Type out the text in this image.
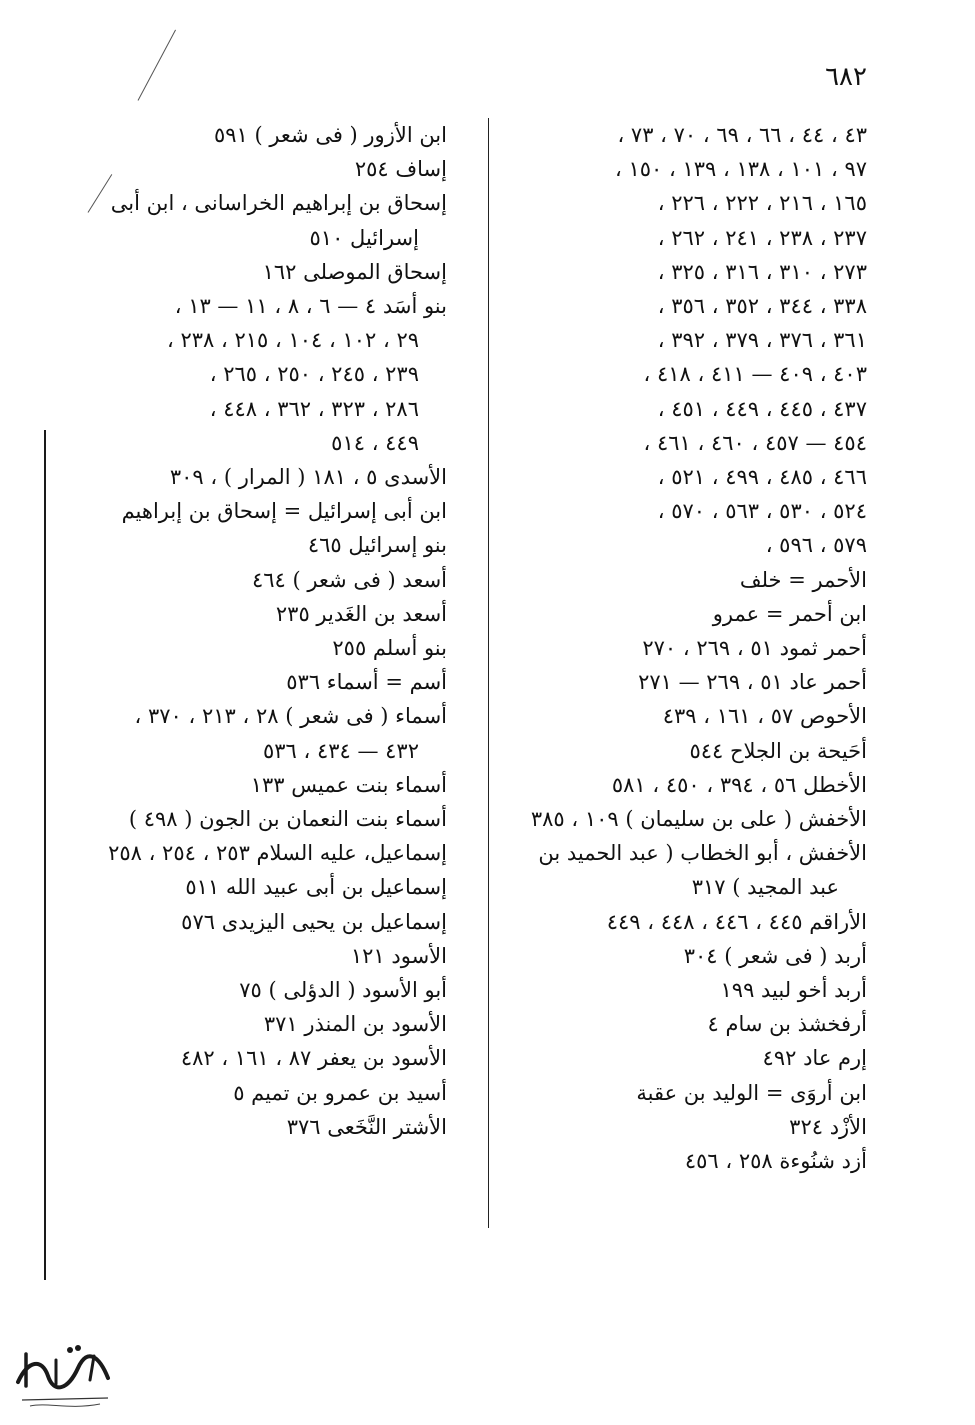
٦٨٢
٤٣ ، ٤٤ ، ٦٦ ، ٦٩ ، ٧٠ ، ٧٣ ،
٩٧ ، ١٠١ ، ١٣٨ ، ١٣٩ ، ١٥٠ ،
١٦٥ ، ٢١٦ ، ٢٢٢ ، ٢٢٦ ،
٢٣٧ ، ٢٣٨ ، ٢٤١ ، ٢٦٢ ،
٢٧٣ ، ٣١٠ ، ٣١٦ ، ٣٢٥ ،
٣٣٨ ، ٣٤٤ ، ٣٥٢ ، ٣٥٦ ،
٣٦١ ، ٣٧٦ ، ٣٧٩ ، ٣٩٢ ،
٤٠٣ ، ٤٠٩ — ٤١١ ، ٤١٨ ،
٤٣٧ ، ٤٤٥ ، ٤٤٩ ، ٤٥١ ،
٤٥٤ — ٤٥٧ ، ٤٦٠ ، ٤٦١ ،
٤٦٦ ، ٤٨٥ ، ٤٩٩ ، ٥٢١ ،
٥٢٤ ، ٥٣٠ ، ٥٦٣ ، ٥٧٠ ،
٥٧٩ ، ٥٩٦ ،
الأحمر = خلف
ابن أحمر = عمرو
أحمر ثمود ٥١ ، ٢٦٩ ، ٢٧٠
أحمر عاد ٥١ ، ٢٦٩ — ٢٧١
الأحوص ٥٧ ، ١٦١ ، ٤٣٩
أحَيحة بن الجلاح ٥٤٤
الأخطل ٥٦ ، ٣٩٤ ، ٤٥٠ ، ٥٨١
الأخفش ( على بن سليمان ) ١٠٩ ، ٣٨٥
الأخفش ، أبو الخطاب ( عبد الحميد بن
عبد المجيد ) ٣١٧
الأراقم ٤٤٥ ، ٤٤٦ ، ٤٤٨ ، ٤٤٩
أربد ( فى شعر ) ٣٠٤
أربد أخو لبيد ١٩٩
أرفخشذ بن سام ٤
إرم عاد ٤٩٢
ابن أروَى = الوليد بن عقبة
الأزْد ٣٢٤
أزد شنُوءة ٢٥٨ ، ٤٥٦
ابن الأزور ( فى شعر ) ٥٩١
إساف ٢٥٤
إسحاق بن إبراهيم الخراسانى ، ابن أبى
إسرائيل ٥١٠
إسحاق الموصلى ١٦٢
بنو أسَد ٤ — ٦ ، ٨ ، ١١ — ١٣ ،
٢٩ ، ١٠٢ ، ١٠٤ ، ٢١٥ ، ٢٣٨ ،
٢٣٩ ، ٢٤٥ ، ٢٥٠ ، ٢٦٥ ،
٢٨٦ ، ٣٢٣ ، ٣٦٢ ، ٤٤٨ ،
٤٤٩ ، ٥١٤
الأسدى ٥ ، ١٨١ ( المرار ) ، ٣٠٩
ابن أبى إسرائيل = إسحاق بن إبراهيم
بنو إسرائيل ٤٦٥
أسعد ( فى شعر ) ٤٦٤
أسعد بن الغَدير ٢٣٥
بنو أسلم ٢٥٥
أسم = أسماء ٥٣٦
أسماء ( فى شعر ) ٢٨ ، ٢١٣ ، ٣٧٠ ،
٤٣٢ — ٤٣٤ ، ٥٣٦
أسماء بنت عميس ١٣٣
أسماء بنت النعمان بن الجون ( ٤٩٨ )
إسماعيل، عليه السلام ٢٥٣ ، ٢٥٤ ، ٢٥٨
إسماعيل بن أبى عبيد الله ٥١١
إسماعيل بن يحيى اليزيدى ٥٧٦
الأسود ١٢١
أبو الأسود ( الدؤلى ) ٧٥
الأسود بن المنذر ٣٧١
الأسود بن يعفر ٨٧ ، ١٦١ ، ٤٨٢
أسيد بن عمرو بن تميم ٥
الأشتر النَّخَعى ٣٧٦
